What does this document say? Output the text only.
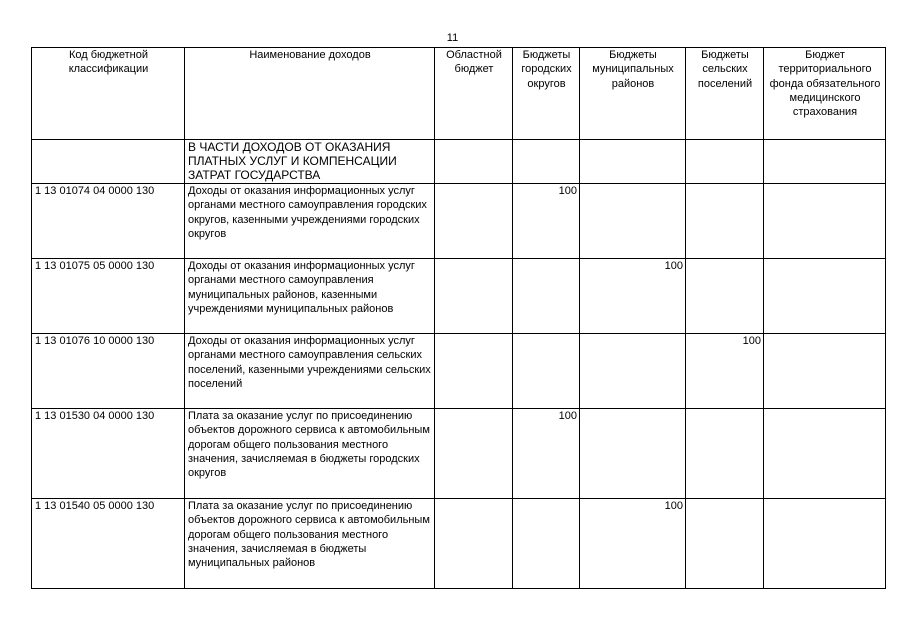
11
Код бюджетной классификации	Наименование доходов	Областной бюджет	Бюджеты городских округов	Бюджеты муниципальных районов	Бюджеты сельских поселений	Бюджет территориального фонда обязательного медицинского страхования
	В ЧАСТИ ДОХОДОВ ОТ ОКАЗАНИЯ ПЛАТНЫХ УСЛУГ И КОМПЕНСАЦИИ ЗАТРАТ ГОСУДАРСТВА					
1 13 01074 04 0000 130	Доходы от оказания информационных услуг органами местного самоуправления городских округов, казенными учреждениями городских округов		100			
1 13 01075 05 0000 130	Доходы от оказания информационных услуг органами местного самоуправления муниципальных районов, казенными учреждениями муниципальных районов			100		
1 13 01076 10 0000 130	Доходы от оказания информационных услуг органами местного самоуправления сельских поселений, казенными учреждениями сельских поселений				100	
1 13 01530 04 0000 130	Плата за оказание услуг по присоединению объектов дорожного сервиса к автомобильным дорогам общего пользования местного значения, зачисляемая в бюджеты городских округов		100			
1 13 01540 05 0000 130	Плата за оказание услуг по присоединению объектов дорожного сервиса к автомобильным дорогам общего пользования местного значения, зачисляемая в бюджеты муниципальных районов			100		
